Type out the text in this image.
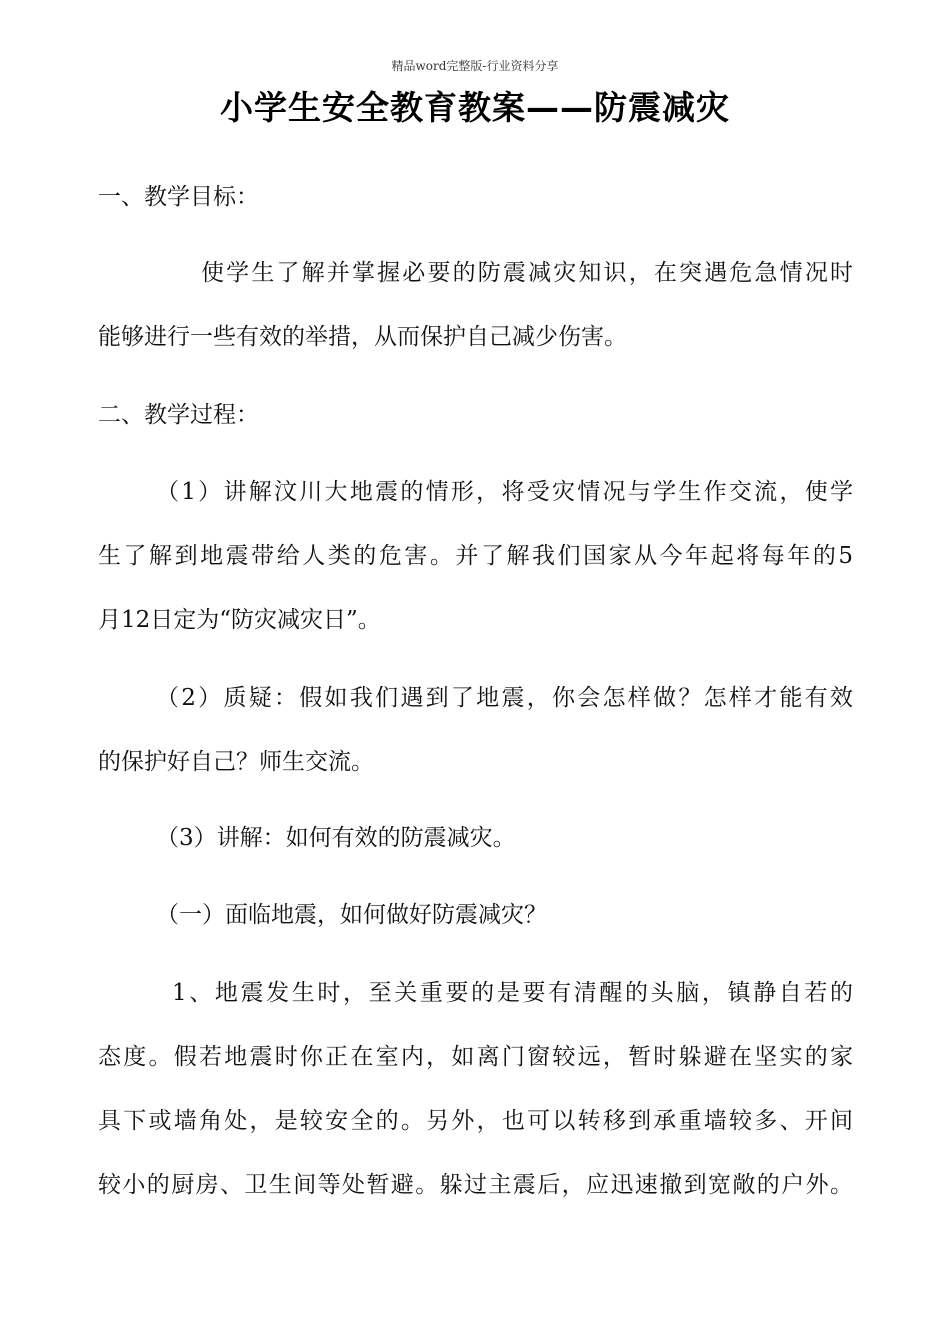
精品word完整版-行业资料分享
小学生安全教育教案——防震减灾
一、教学目标：
使学生了解并掌握必要的防震减灾知识，在突遇危急情况时
能够进行一些有效的举措，从而保护自己减少伤害。
二、教学过程：
（1）讲解汶川大地震的情形，将受灾情况与学生作交流，使学
生了解到地震带给人类的危害。并了解我们国家从今年起将每年的5
月12日定为“防灾减灾日”。
（2）质疑：假如我们遇到了地震，你会怎样做？怎样才能有效
的保护好自己？师生交流。
（3）讲解：如何有效的防震减灾。
（一）面临地震，如何做好防震减灾？
1、地震发生时，至关重要的是要有清醒的头脑，镇静自若的
态度。假若地震时你正在室内，如离门窗较远，暂时躲避在坚实的家
具下或墙角处，是较安全的。另外，也可以转移到承重墙较多、开间
较小的厨房、卫生间等处暂避。躲过主震后，应迅速撤到宽敞的户外。
